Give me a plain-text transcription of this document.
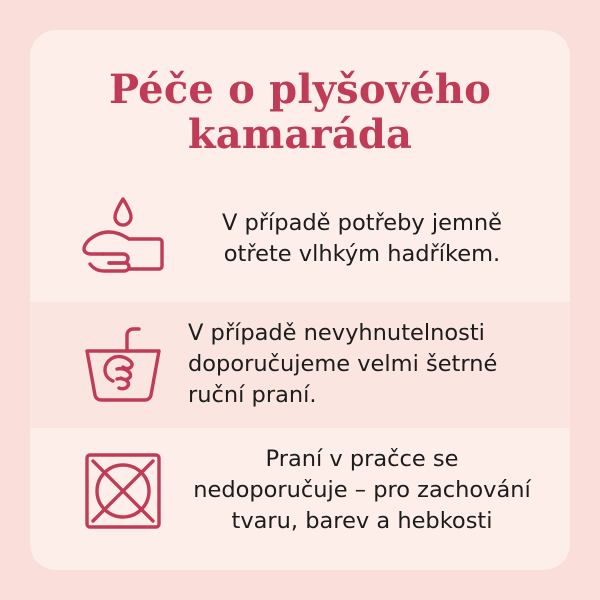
Péče o plyšového kamaráda
V případě potřeby jemně otřete vlhkým hadříkem.
V případě nevyhnutelnosti doporučujeme velmi šetrné ruční praní.
Praní v pračce se nedoporučuje – pro zachování tvaru, barev a hebkosti
